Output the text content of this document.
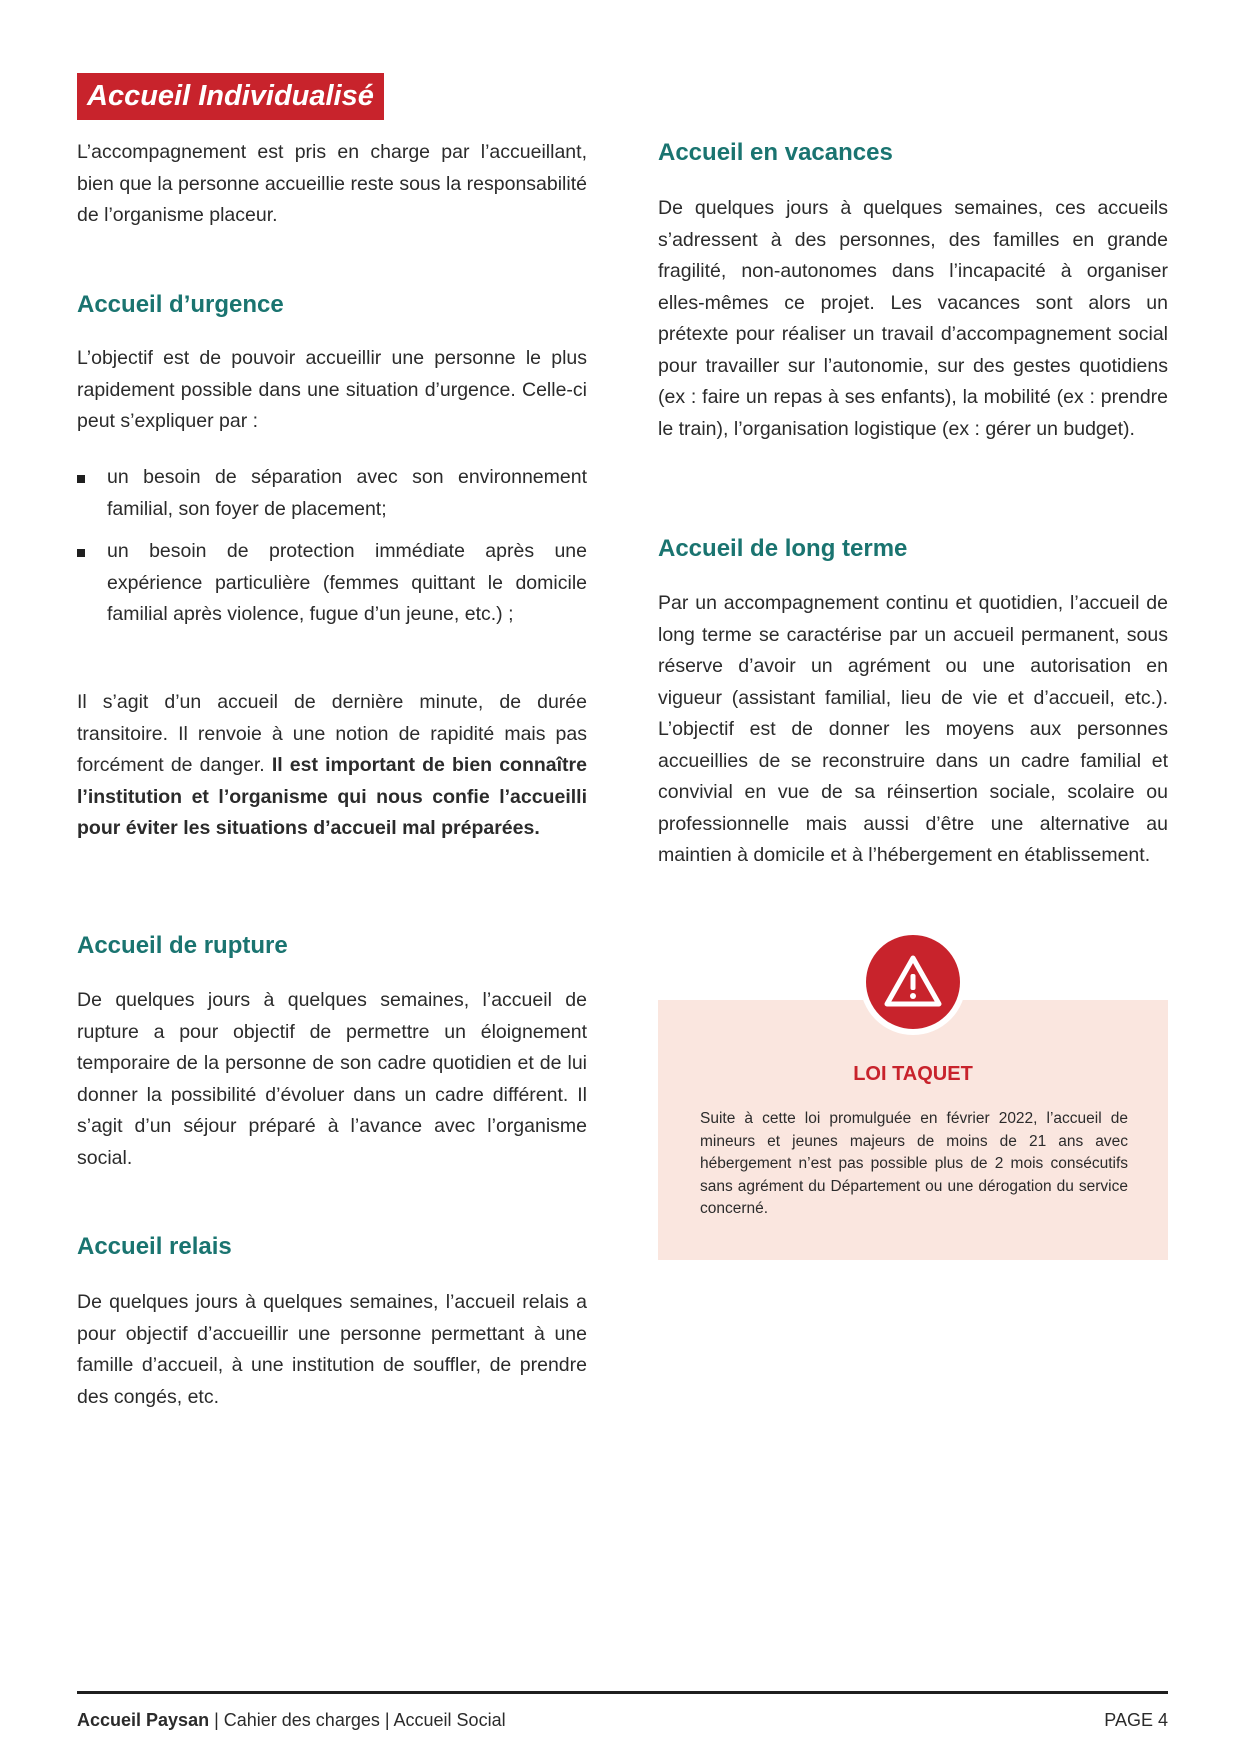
Accueil Individualisé

L’accompagnement est pris en charge par l’accueillant, bien que la personne accueillie reste sous la responsabilité de l’organisme placeur.

Accueil d’urgence

L’objectif est de pouvoir accueillir une personne le plus rapidement possible dans une situation d’urgence. Celle-ci peut s’expliquer par :

un besoin de séparation avec son environnement familial, son foyer de placement;
un besoin de protection immédiate après une expérience particulière (femmes quittant le domicile familial après violence, fugue d’un jeune, etc.) ;

Il s’agit d’un accueil de dernière minute, de durée transitoire. Il renvoie à une notion de rapidité mais pas forcément de danger. Il est important de bien connaître l’institution et l’organisme qui nous confie l’accueilli pour éviter les situations d’accueil mal préparées.

Accueil de rupture

De quelques jours à quelques semaines, l’accueil de rupture a pour objectif de permettre un éloignement temporaire de la personne de son cadre quotidien et de lui donner la possibilité d’évoluer dans un cadre différent. Il s’agit d’un séjour préparé à l’avance avec l’organisme social.

Accueil relais

De quelques jours à quelques semaines, l’accueil relais a pour objectif d’accueillir une personne permettant à une famille d’accueil, à une institution de souffler, de prendre des congés, etc.

Accueil en vacances

De quelques jours à quelques semaines, ces accueils s’adressent à des personnes, des familles en grande fragilité, non-autonomes dans l’incapacité à organiser elles-mêmes ce projet. Les vacances sont alors un prétexte pour réaliser un travail d’accompagnement social pour travailler sur l’autonomie, sur des gestes quotidiens (ex : faire un repas à ses enfants), la mobilité (ex : prendre le train), l’organisation logistique (ex : gérer un budget).

Accueil de long terme

Par un accompagnement continu et quotidien, l’accueil de long terme se caractérise par un accueil permanent, sous réserve d’avoir un agrément ou une autorisation en vigueur (assistant familial, lieu de vie et d’accueil, etc.). L’objectif est de donner les moyens aux personnes accueillies de se reconstruire dans un cadre familial et convivial en vue de sa réinsertion sociale, scolaire ou professionnelle mais aussi d’être une alternative au maintien à domicile et à l’hébergement en établissement.

LOI TAQUET
Suite à cette loi promulguée en février 2022, l’accueil de mineurs et jeunes majeurs de moins de 21 ans avec hébergement n’est pas possible plus de 2 mois consécutifs sans agrément du Département ou une dérogation du service concerné.
Accueil Paysan | Cahier des charges | Accueil Social	PAGE 4
